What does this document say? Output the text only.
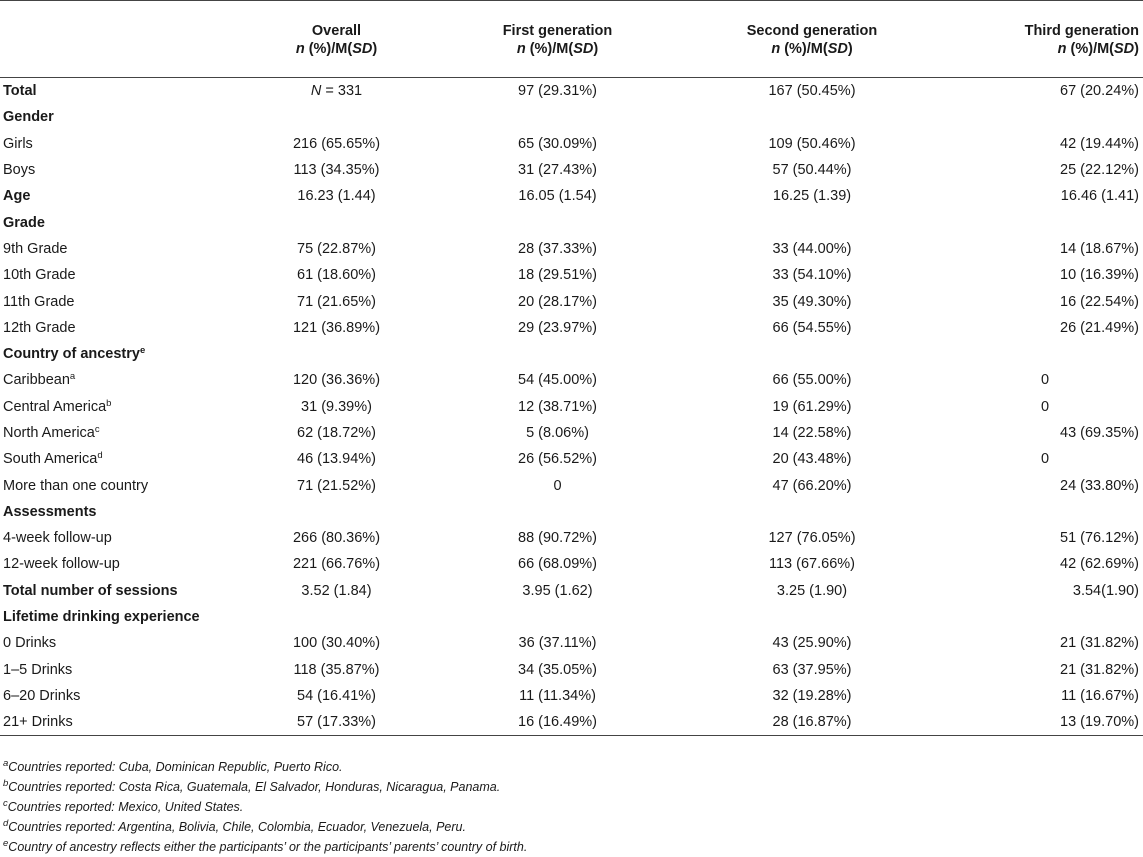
	Overall	First generation	Second generation	Third generation
	n (%)/M(SD)	n (%)/M(SD)	n (%)/M(SD)	n (%)/M(SD)
Total	N = 331	97 (29.31%)	167 (50.45%)	67 (20.24%)
Gender				
Girls	216 (65.65%)	65 (30.09%)	109 (50.46%)	42 (19.44%)
Boys	113 (34.35%)	31 (27.43%)	57 (50.44%)	25 (22.12%)
Age	16.23 (1.44)	16.05 (1.54)	16.25 (1.39)	16.46 (1.41)
Grade				
9th Grade	75 (22.87%)	28 (37.33%)	33 (44.00%)	14 (18.67%)
10th Grade	61 (18.60%)	18 (29.51%)	33 (54.10%)	10 (16.39%)
11th Grade	71 (21.65%)	20 (28.17%)	35 (49.30%)	16 (22.54%)
12th Grade	121 (36.89%)	29 (23.97%)	66 (54.55%)	26 (21.49%)
Country of ancestry$^e$				
Caribbean$^a$	120 (36.36%)	54 (45.00%)	66 (55.00%)	0
Central America$^b$	31 (9.39%)	12 (38.71%)	19 (61.29%)	0
North America$^c$	62 (18.72%)	5 (8.06%)	14 (22.58%)	43 (69.35%)
South America$^d$	46 (13.94%)	26 (56.52%)	20 (43.48%)	0
More than one country	71 (21.52%)	0	47 (66.20%)	24 (33.80%)
Assessments				
4-week follow-up	266 (80.36%)	88 (90.72%)	127 (76.05%)	51 (76.12%)
12-week follow-up	221 (66.76%)	66 (68.09%)	113 (67.66%)	42 (62.69%)
Total number of sessions	3.52 (1.84)	3.95 (1.62)	3.25 (1.90)	3.54(1.90)
Lifetime drinking experience				
0 Drinks	100 (30.40%)	36 (37.11%)	43 (25.90%)	21 (31.82%)
1–5 Drinks	118 (35.87%)	34 (35.05%)	63 (37.95%)	21 (31.82%)
6–20 Drinks	54 (16.41%)	11 (11.34%)	32 (19.28%)	11 (16.67%)
21+ Drinks	57 (17.33%)	16 (16.49%)	28 (16.87%)	13 (19.70%)
$^a$Countries reported: Cuba, Dominican Republic, Puerto Rico.
$^b$Countries reported: Costa Rica, Guatemala, El Salvador, Honduras, Nicaragua, Panama.
$^c$Countries reported: Mexico, United States.
$^d$Countries reported: Argentina, Bolivia, Chile, Colombia, Ecuador, Venezuela, Peru.
$^e$Country of ancestry reflects either the participants’ or the participants’ parents’ country of birth.
